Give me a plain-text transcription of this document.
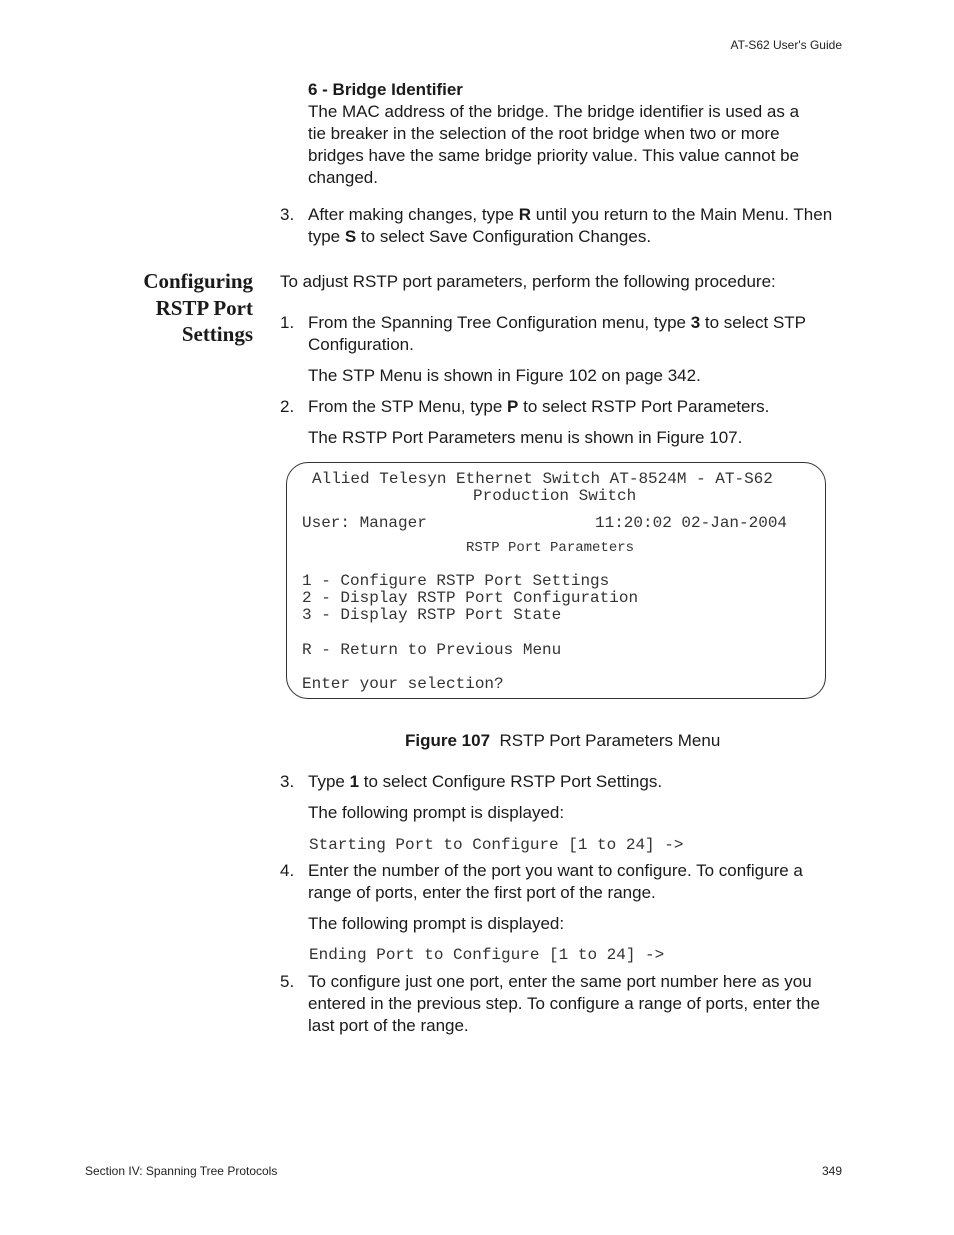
AT-S62 User's Guide
6 - Bridge Identifier
The MAC address of the bridge. The bridge identifier is used as a
tie breaker in the selection of the root bridge when two or more
bridges have the same bridge priority value. This value cannot be
changed.
3. After making changes, type R until you return to the Main Menu. Then
type S to select Save Configuration Changes.
Configuring
RSTP Port
Settings
To adjust RSTP port parameters, perform the following procedure:
1. From the Spanning Tree Configuration menu, type 3 to select STP
Configuration.
The STP Menu is shown in Figure 102 on page 342.
2. From the STP Menu, type P to select RSTP Port Parameters.
The RSTP Port Parameters menu is shown in Figure 107.
Allied Telesyn Ethernet Switch AT-8524M - AT-S62
Production Switch
User: Manager	11:20:02 02-Jan-2004
RSTP Port Parameters
1 - Configure RSTP Port Settings
2 - Display RSTP Port Configuration
3 - Display RSTP Port State
R - Return to Previous Menu
Enter your selection?
Figure 107 RSTP Port Parameters Menu
3. Type 1 to select Configure RSTP Port Settings.
The following prompt is displayed:
Starting Port to Configure [1 to 24] ->
4. Enter the number of the port you want to configure. To configure a
range of ports, enter the first port of the range.
The following prompt is displayed:
Ending Port to Configure [1 to 24] ->
5. To configure just one port, enter the same port number here as you
entered in the previous step. To configure a range of ports, enter the
last port of the range.
Section IV: Spanning Tree Protocols	349
